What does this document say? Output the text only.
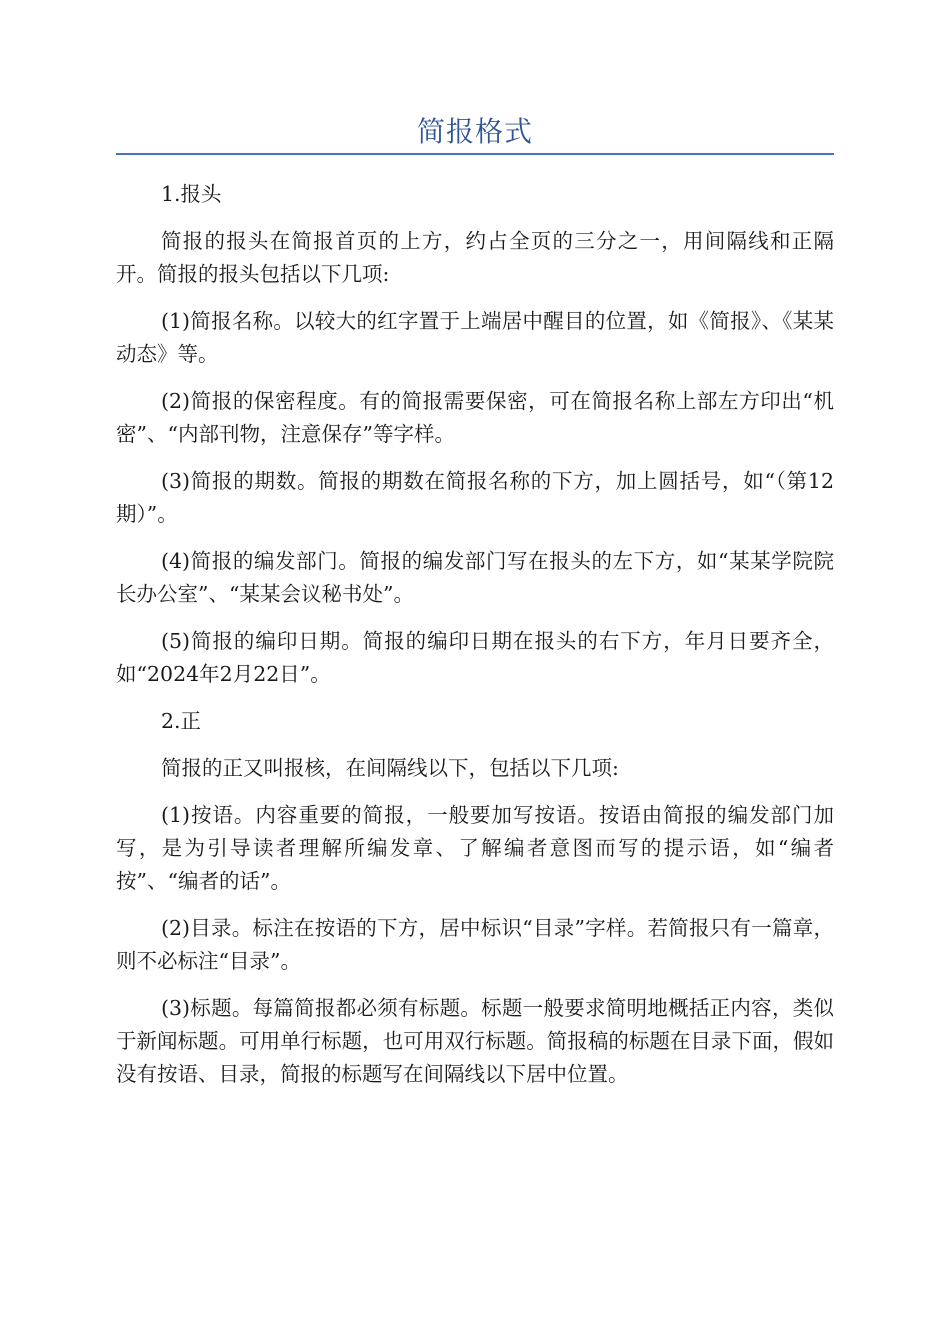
简报格式

1.报头

简报的报头在简报首页的上方，约占全页的三分之一，用间隔线和正隔开。简报的报头包括以下几项:

(1)简报名称。以较大的红字置于上端居中醒目的位置，如《简报》、《某某动态》等。

(2)简报的保密程度。有的简报需要保密，可在简报名称上部左方印出“机密”、“内部刊物，注意保存”等字样。

(3)简报的期数。简报的期数在简报名称的下方，加上圆括号，如“（第12期）”。

(4)简报的编发部门。简报的编发部门写在报头的左下方，如“某某学院院长办公室”、“某某会议秘书处”。

(5)简报的编印日期。简报的编印日期在报头的右下方，年月日要齐全，如“2024年2月22日”。

2.正

简报的正又叫报核，在间隔线以下，包括以下几项:

(1)按语。内容重要的简报，一般要加写按语。按语由简报的编发部门加写，是为引导读者理解所编发章、了解编者意图而写的提示语，如“编者按”、“编者的话”。

(2)目录。标注在按语的下方，居中标识“目录”字样。若简报只有一篇章，则不必标注“目录”。

(3)标题。每篇简报都必须有标题。标题一般要求简明地概括正内容，类似于新闻标题。可用单行标题，也可用双行标题。简报稿的标题在目录下面，假如没有按语、目录，简报的标题写在间隔线以下居中位置。
